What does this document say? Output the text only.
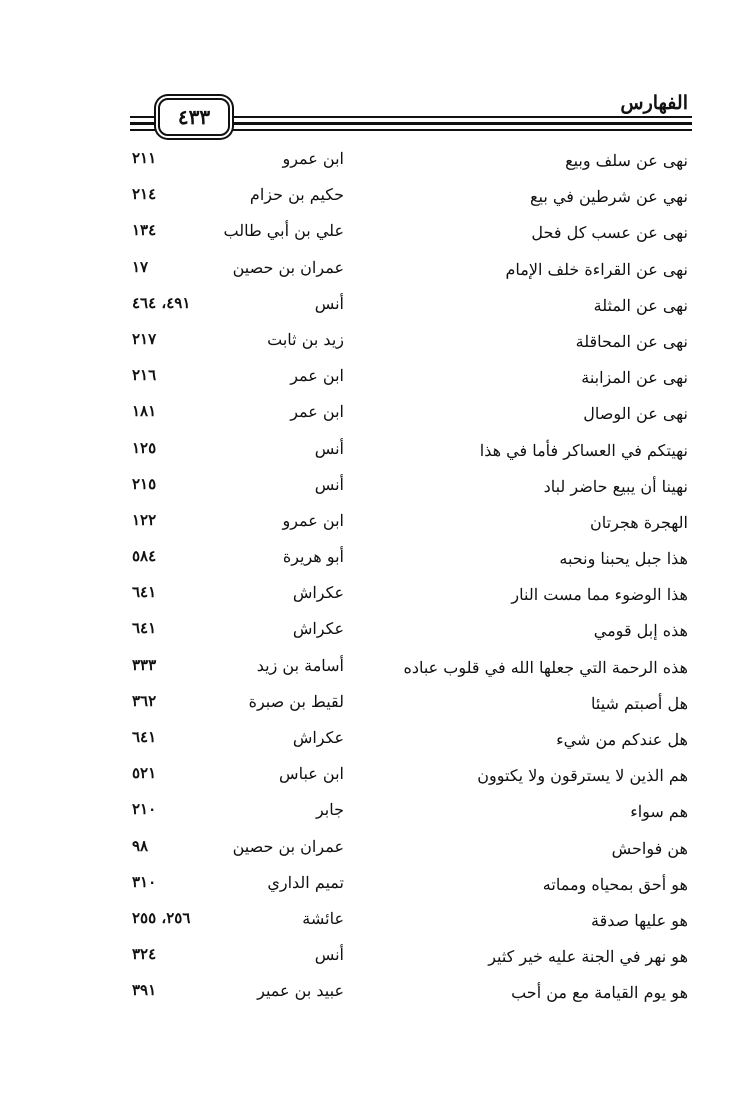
٤٣٣
الفهارس
نهى عن سلف وبيع
ابن عمرو
٢١١
نهي عن شرطين في بيع
حكيم بن حزام
٢١٤
نهى عن عسب كل فحل
علي بن أبي طالب
١٣٤
نهى عن القراءة خلف الإمام
عمران بن حصين
١٧
نهى عن المثلة
أنس
٤٩١، ٤٦٤
نهى عن المحاقلة
زيد بن ثابت
٢١٧
نهى عن المزابنة
ابن عمر
٢١٦
نهى عن الوصال
ابن عمر
١٨١
نهيتكم في العساكر فأما في هذا
أنس
١٢٥
نهينا أن يبيع حاضر لباد
أنس
٢١٥
الهجرة هجرتان
ابن عمرو
١٢٢
هذا جبل يحبنا ونحبه
أبو هريرة
٥٨٤
هذا الوضوء مما مست النار
عكراش
٦٤١
هذه إبل قومي
عكراش
٦٤١
هذه الرحمة التي جعلها الله في قلوب عباده
أسامة بن زيد
٣٣٣
هل أصبتم شيئا
لقيط بن صبرة
٣٦٢
هل عندكم من شيء
عكراش
٦٤١
هم الذين لا يسترقون ولا يكتوون
ابن عباس
٥٢١
هم سواء
جابر
٢١٠
هن فواحش
عمران بن حصين
٩٨
هو أحق بمحياه ومماته
تميم الداري
٣١٠
هو عليها صدقة
عائشة
٢٥٦، ٢٥٥
هو نهر في الجنة عليه خير كثير
أنس
٣٢٤
هو يوم القيامة مع من أحب
عبيد بن عمير
٣٩١
